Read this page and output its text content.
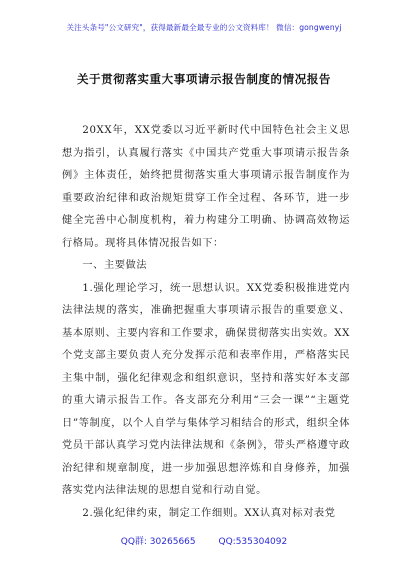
关注头条号"公文研究"，获得最新最全最专业的公文资料库！ 微信：gongwenyj
关于贯彻落实重大事项请示报告制度的情况报告

20XX年，XX党委以习近平新时代中国特色社会主义思想为指引，认真履行落实《中国共产党重大事项请示报告条例》主体责任，始终把贯彻落实重大事项请示报告制度作为重要政治纪律和政治规矩贯穿工作全过程、各环节，进一步健全完善中心制度机构，着力构建分工明确、协调高效物运行格局。现将具体情况报告如下：

一、主要做法

1.强化理论学习，统一思想认识。XX党委积极推进党内法律法规的落实，准确把握重大事项请示报告的重要意义、基本原则、主要内容和工作要求，确保贯彻落实出实效。XX个党支部主要负责人充分发挥示范和表率作用，严格落实民主集中制，强化纪律观念和组织意识，坚持和落实好本支部的重大请示报告工作。各支部充分利用“三会一课”“主题党日”等制度，以个人自学与集体学习相结合的形式，组织全体党员干部认真学习党内法律法规和《条例》，带头严格遵守政治纪律和规章制度，进一步加强思想淬炼和自身修养，加强落实党内法律法规的思想自觉和行动自觉。

2.强化纪律约束，制定工作细则。XX认真对标对表党

QQ群: 30265665	QQ:535304092
